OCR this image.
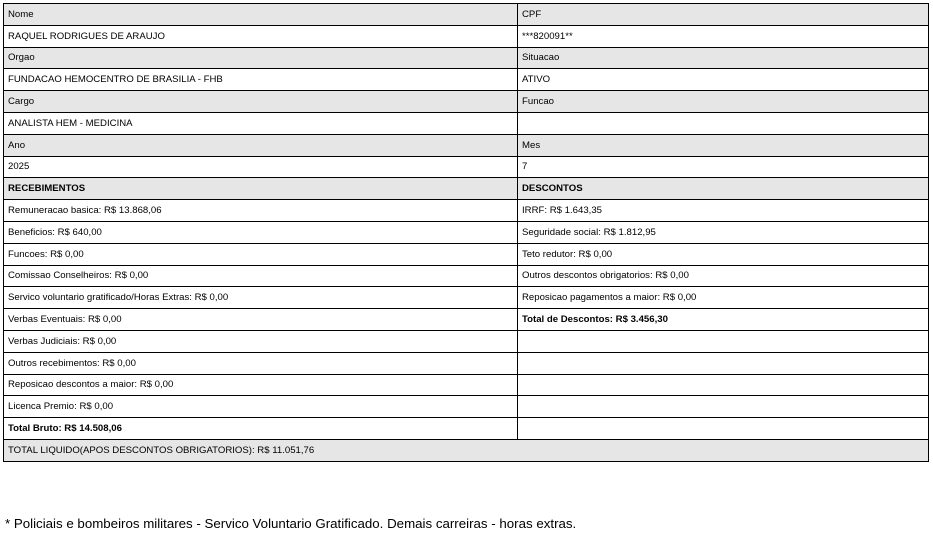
Nome	CPF
RAQUEL RODRIGUES DE ARAUJO	***820091**
Orgao	Situacao
FUNDACAO HEMOCENTRO DE BRASILIA - FHB	ATIVO
Cargo	Funcao
ANALISTA HEM - MEDICINA	
Ano	Mes
2025	7
RECEBIMENTOS	DESCONTOS
Remuneracao basica: R$ 13.868,06	IRRF: R$ 1.643,35
Beneficios: R$ 640,00	Seguridade social: R$ 1.812,95
Funcoes: R$ 0,00	Teto redutor: R$ 0,00
Comissao Conselheiros: R$ 0,00	Outros descontos obrigatorios: R$ 0,00
Servico voluntario gratificado/Horas Extras: R$ 0,00	Reposicao pagamentos a maior: R$ 0,00
Verbas Eventuais: R$ 0,00	Total de Descontos: R$ 3.456,30
Verbas Judiciais: R$ 0,00	
Outros recebimentos: R$ 0,00	
Reposicao descontos a maior: R$ 0,00	
Licenca Premio: R$ 0,00	
Total Bruto: R$ 14.508,06	
TOTAL LIQUIDO(APOS DESCONTOS OBRIGATORIOS): R$ 11.051,76	
* Policiais e bombeiros militares - Servico Voluntario Gratificado. Demais carreiras - horas extras.
